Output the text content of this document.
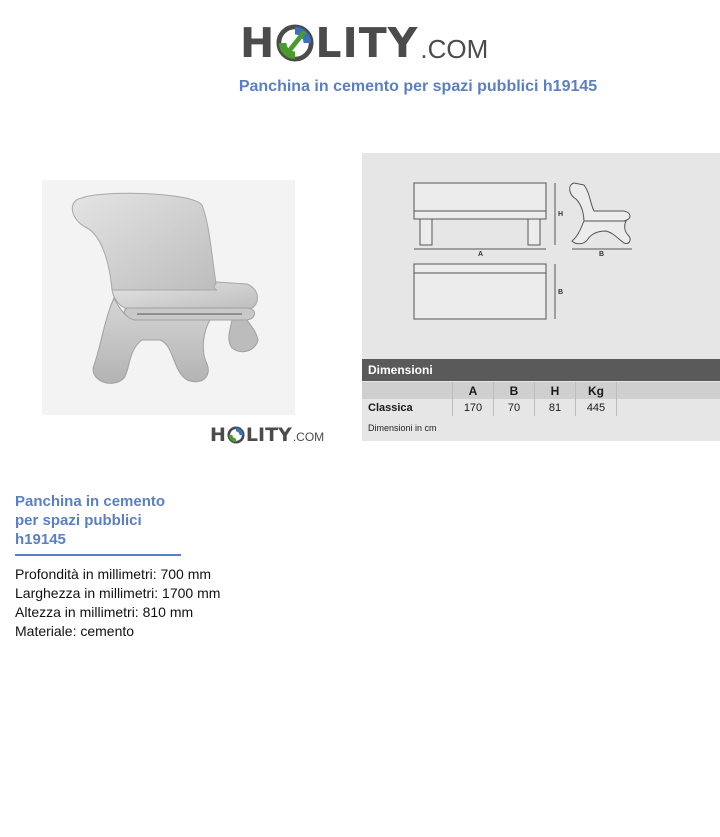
H LITY .COM
Panchina in cemento per spazi pubblici h19145
H LITY .COM
A
H
B
B
Dimensioni
	A	B	H	Kg	
Classica	170	70	81	445	
Dimensioni in cm
Panchina in cemento
per spazi pubblici
h19145
Profondità in millimetri: 700 mm
Larghezza in millimetri: 1700 mm
Altezza in millimetri: 810 mm
Materiale: cemento
